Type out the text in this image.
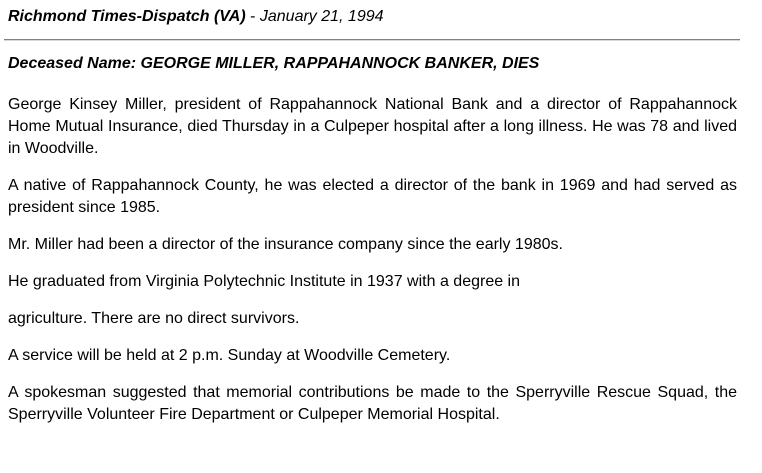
Richmond Times-Dispatch (VA) - January 21, 1994
Deceased Name: GEORGE MILLER, RAPPAHANNOCK BANKER, DIES

George Kinsey Miller, president of Rappahannock National Bank and a director of Rappahannock Home Mutual Insurance, died Thursday in a Culpeper hospital after a long illness. He was 78 and lived in Woodville.

A native of Rappahannock County, he was elected a director of the bank in 1969 and had served as president since 1985.

Mr. Miller had been a director of the insurance company since the early 1980s.

He graduated from Virginia Polytechnic Institute in 1937 with a degree in

agriculture. There are no direct survivors.

A service will be held at 2 p.m. Sunday at Woodville Cemetery.

A spokesman suggested that memorial contributions be made to the Sperryville Rescue Squad, the Sperryville Volunteer Fire Department or Culpeper Memorial Hospital.
